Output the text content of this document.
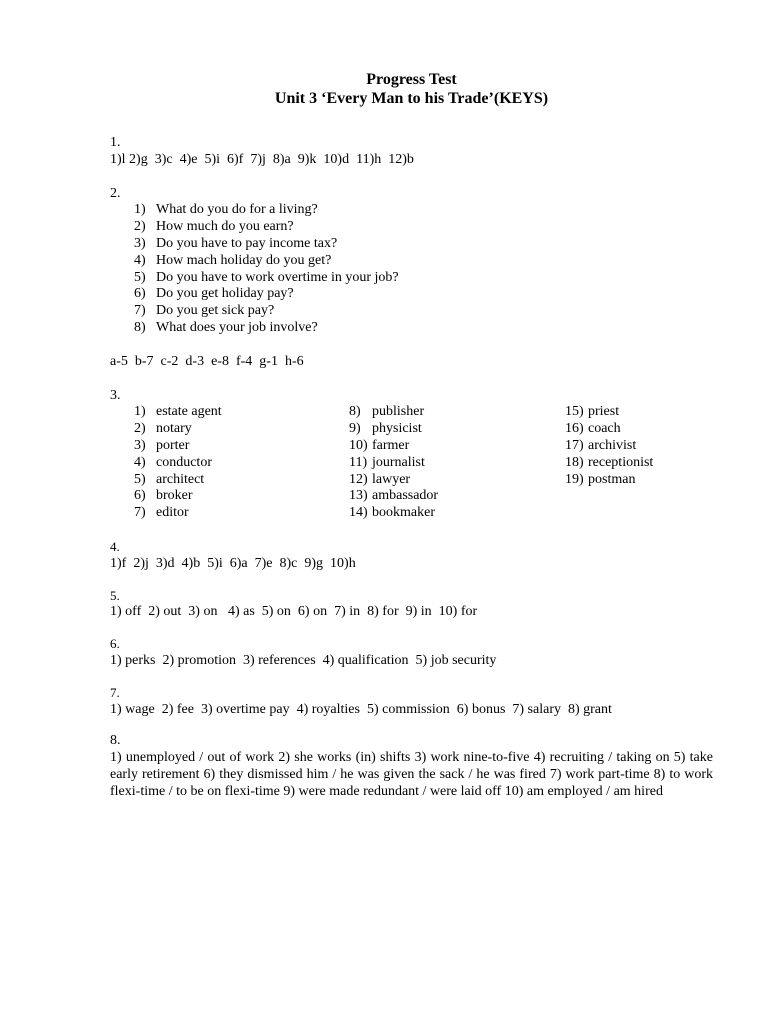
Progress Test

Unit 3 ‘Every Man to his Trade’(KEYS)

1.

1)l 2)g  3)c  4)e  5)i  6)f  7)j  8)a  9)k  10)d  11)h  12)b

2.

1) What do you do for a living?
2) How much do you earn?
3) Do you have to pay income tax?
4) How mach holiday do you get?
5) Do you have to work overtime in your job?
6) Do you get holiday pay?
7) Do you get sick pay?
8) What does your job involve?

a-5  b-7  c-2  d-3  e-8  f-4  g-1  h-6

3.

1) estate agent
2) notary
3) porter
4) conductor
5) architect
6) broker
7) editor
8) publisher
9) physicist
10) farmer
11) journalist
12) lawyer
13) ambassador
14) bookmaker
15) priest
16) coach
17) archivist
18) receptionist
19) postman

4.

1)f  2)j  3)d  4)b  5)i  6)a  7)e  8)c  9)g  10)h

5.

1) off  2) out  3) on   4) as  5) on  6) on  7) in  8) for  9) in  10) for

6.

1) perks  2) promotion  3) references  4) qualification  5) job security

7.

1) wage  2) fee  3) overtime pay  4) royalties  5) commission  6) bonus  7) salary  8) grant

8.

1) unemployed / out of work 2) she works (in) shifts 3) work nine-to-five 4) recruiting / taking on 5) take early retirement 6) they dismissed him / he was given the sack / he was fired 7) work part-time 8) to work flexi-time / to be on flexi-time 9) were made redundant / were laid off 10) am employed / am hired
